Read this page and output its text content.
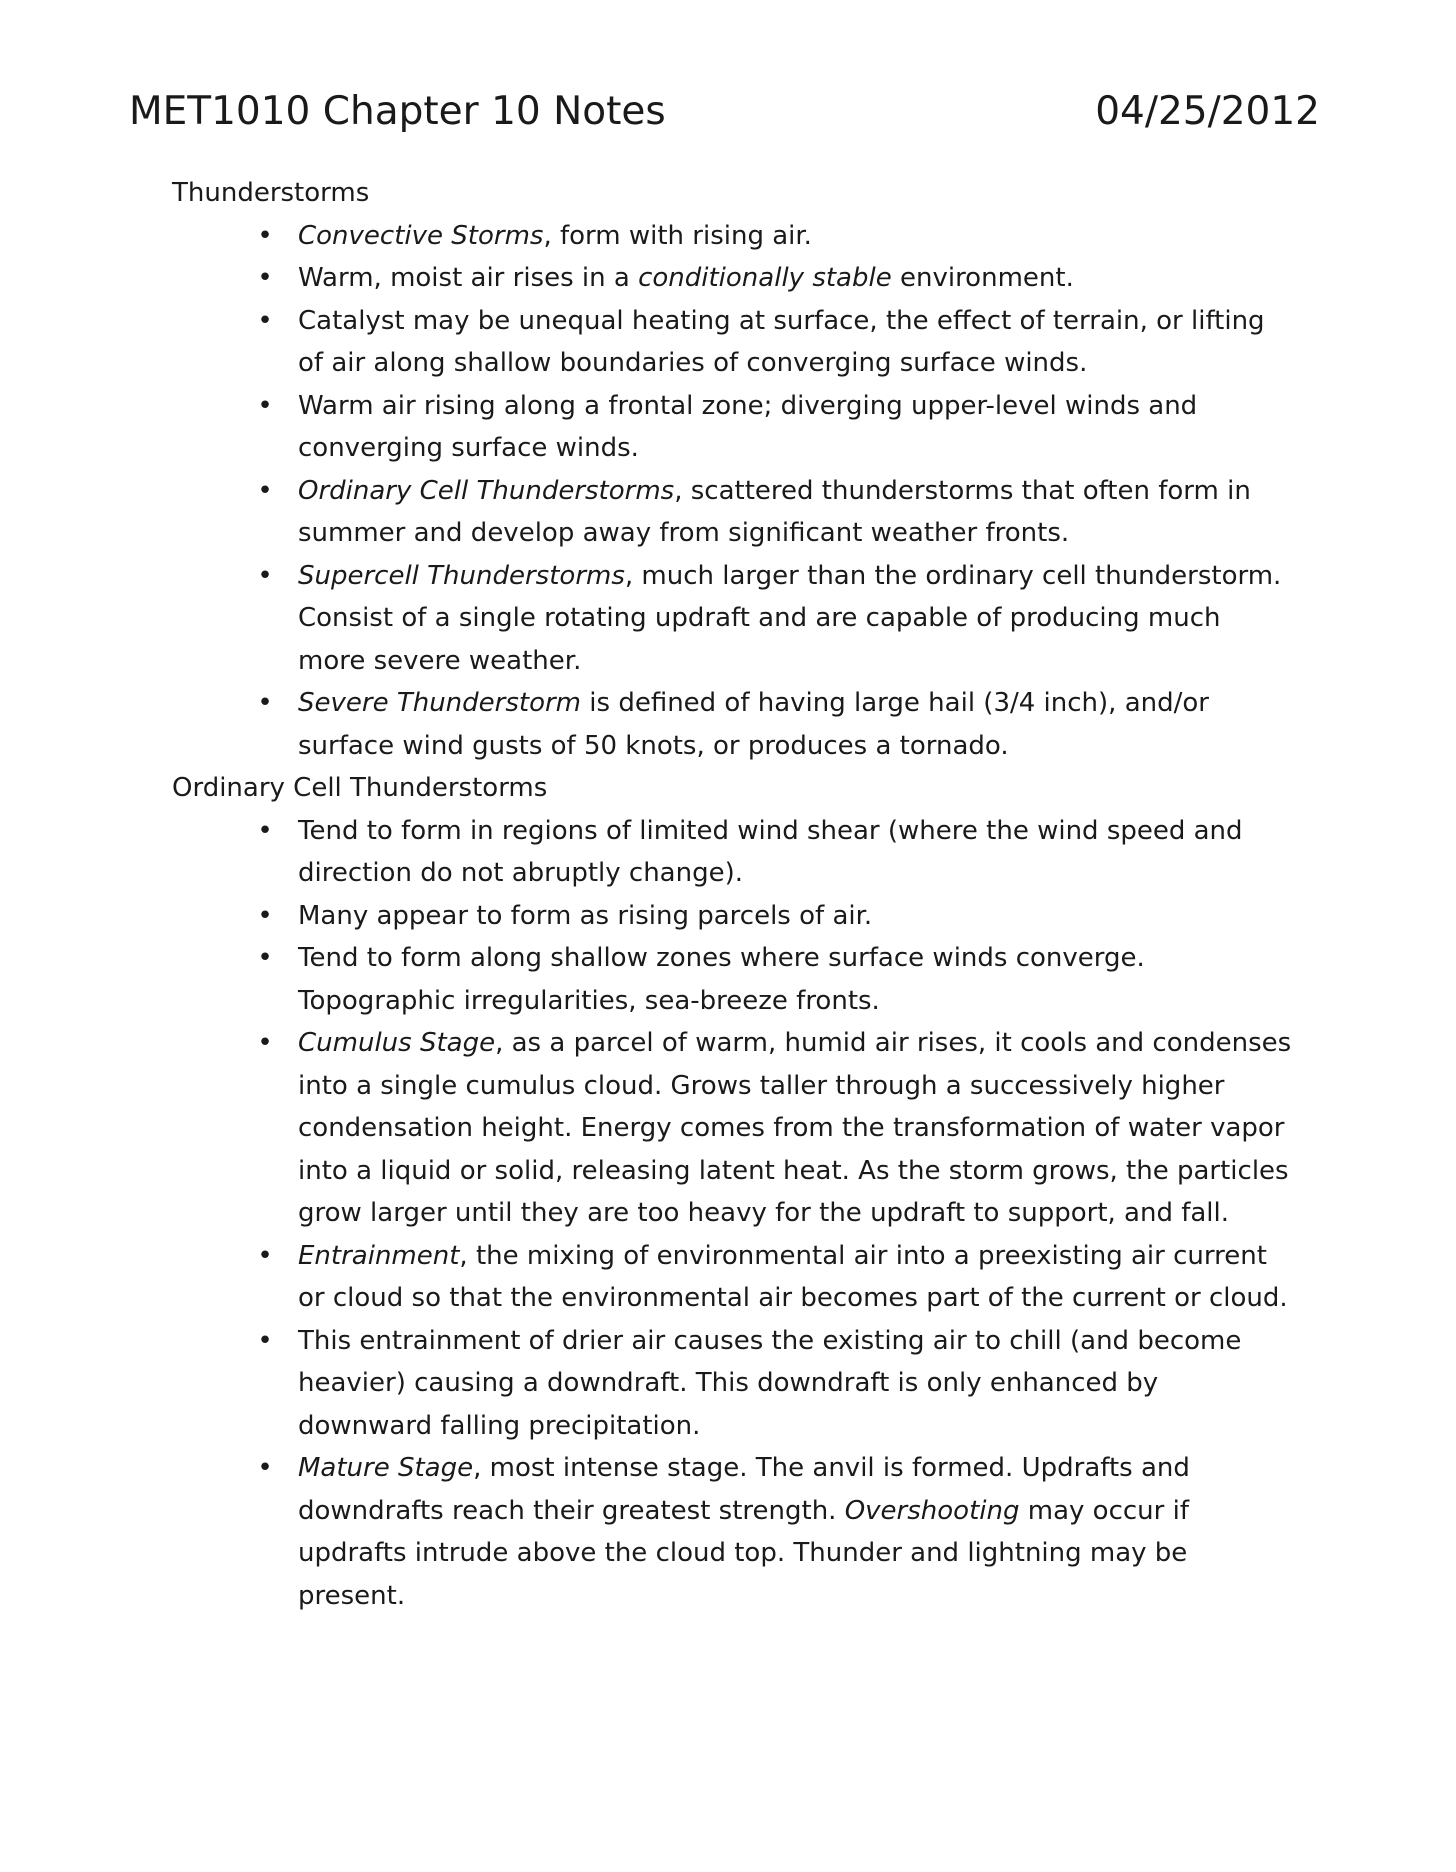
MET1010 Chapter 10 Notes	04/25/2012

Thunderstorms

• Convective Storms, form with rising air.
• Warm, moist air rises in a conditionally stable environment.
• Catalyst may be unequal heating at surface, the effect of terrain, or lifting of air along shallow boundaries of converging surface winds.
• Warm air rising along a frontal zone; diverging upper-level winds and converging surface winds.
• Ordinary Cell Thunderstorms, scattered thunderstorms that often form in summer and develop away from significant weather fronts.
• Supercell Thunderstorms, much larger than the ordinary cell thunderstorm. Consist of a single rotating updraft and are capable of producing much more severe weather.
• Severe Thunderstorm is defined of having large hail (3/4 inch), and/or surface wind gusts of 50 knots, or produces a tornado.

Ordinary Cell Thunderstorms

• Tend to form in regions of limited wind shear (where the wind speed and direction do not abruptly change).
• Many appear to form as rising parcels of air.
• Tend to form along shallow zones where surface winds converge. Topographic irregularities, sea-breeze fronts.
• Cumulus Stage, as a parcel of warm, humid air rises, it cools and condenses into a single cumulus cloud. Grows taller through a successively higher condensation height. Energy comes from the transformation of water vapor into a liquid or solid, releasing latent heat. As the storm grows, the particles grow larger until they are too heavy for the updraft to support, and fall.
• Entrainment, the mixing of environmental air into a preexisting air current or cloud so that the environmental air becomes part of the current or cloud.
• This entrainment of drier air causes the existing air to chill (and become heavier) causing a downdraft. This downdraft is only enhanced by downward falling precipitation.
• Mature Stage, most intense stage. The anvil is formed. Updrafts and downdrafts reach their greatest strength. Overshooting may occur if updrafts intrude above the cloud top. Thunder and lightning may be present.
